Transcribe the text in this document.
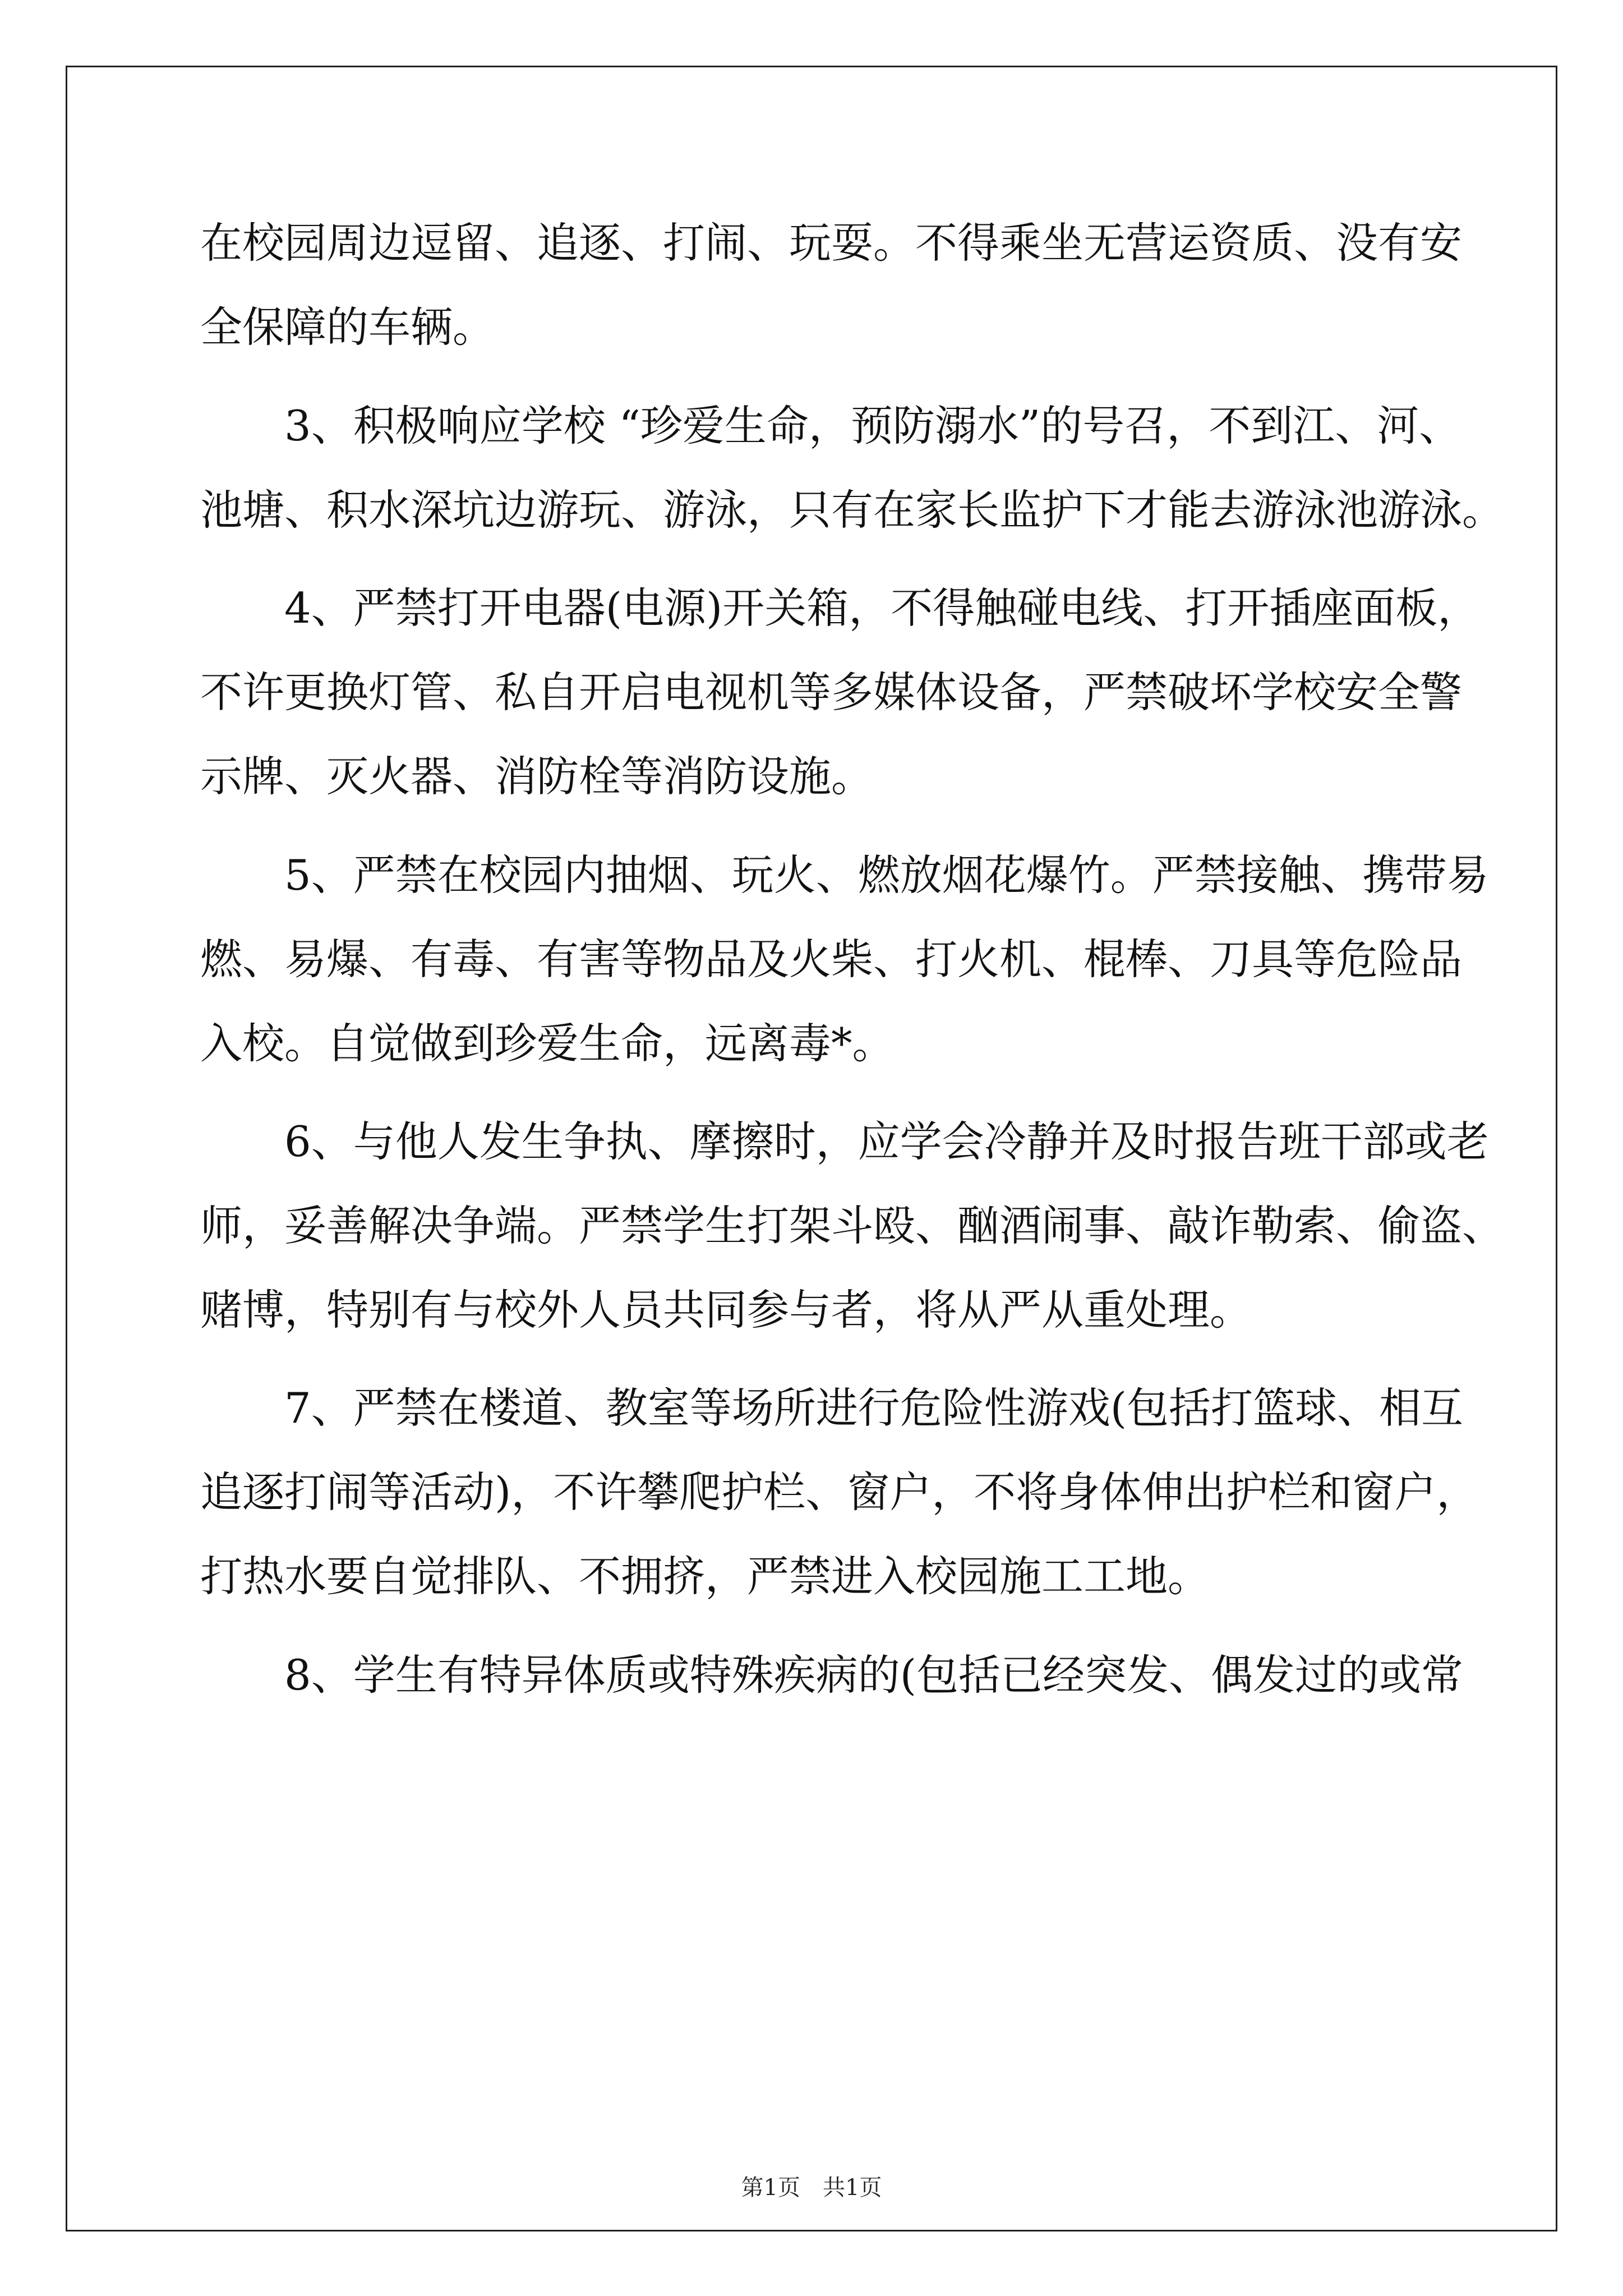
在校园周边逗留、追逐、打闹、玩耍。不得乘坐无营运资质、没有安
全保障的车辆。
3、积极响应学校 “珍爱生命，预防溺水”的号召，不到江、河、
池塘、积水深坑边游玩、游泳，只有在家长监护下才能去游泳池游泳。
4、严禁打开电器(电源)开关箱，不得触碰电线、打开插座面板，
不许更换灯管、私自开启电视机等多媒体设备，严禁破坏学校安全警
示牌、灭火器、消防栓等消防设施。
5、严禁在校园内抽烟、玩火、燃放烟花爆竹。严禁接触、携带易
燃、易爆、有毒、有害等物品及火柴、打火机、棍棒、刀具等危险品
入校。自觉做到珍爱生命，远离毒*。
6、与他人发生争执、摩擦时，应学会冷静并及时报告班干部或老
师，妥善解决争端。严禁学生打架斗殴、酗酒闹事、敲诈勒索、偷盗、
赌博，特别有与校外人员共同参与者，将从严从重处理。
7、严禁在楼道、教室等场所进行危险性游戏(包括打篮球、相互
追逐打闹等活动)，不许攀爬护栏、窗户，不将身体伸出护栏和窗户，
打热水要自觉排队、不拥挤，严禁进入校园施工工地。
8、学生有特异体质或特殊疾病的(包括已经突发、偶发过的或常
第1页　共1页
